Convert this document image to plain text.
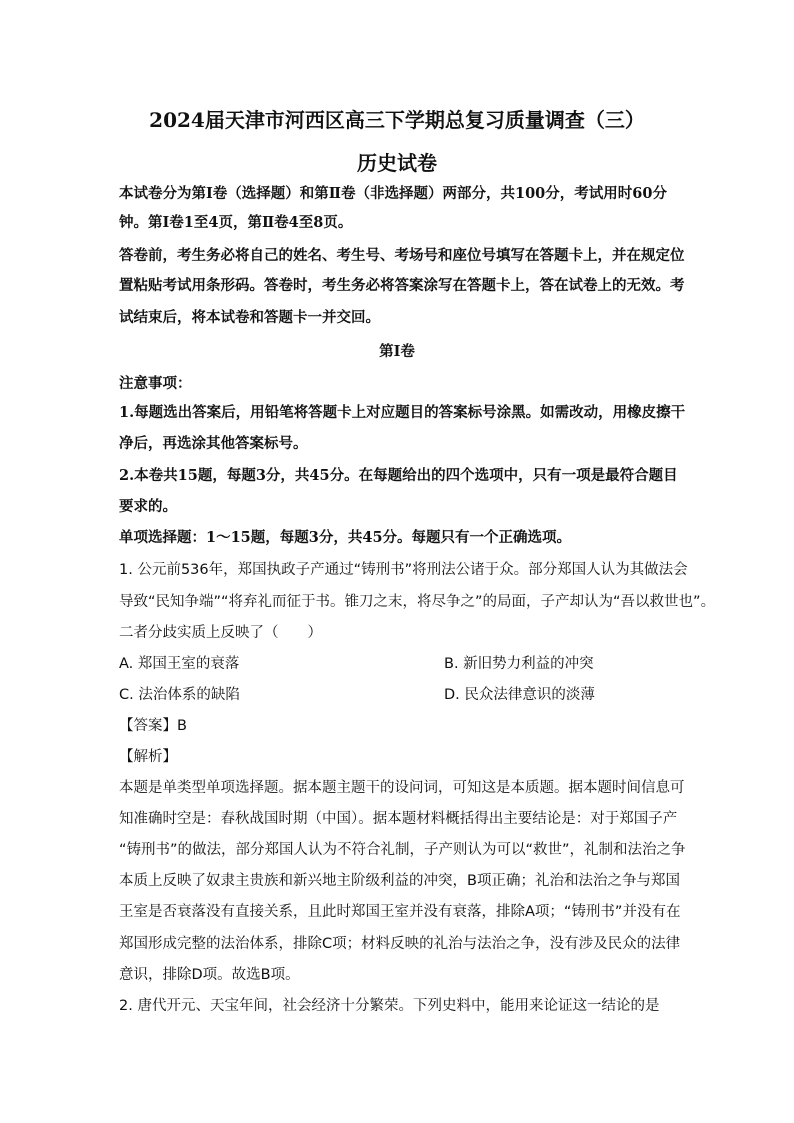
2024届天津市河西区高三下学期总复习质量调查（三）
历史试卷
本试卷分为第Ⅰ卷（选择题）和第Ⅱ卷（非选择题）两部分，共100分，考试用时60分
钟。第Ⅰ卷1至4页，第Ⅱ卷4至8页。
答卷前，考生务必将自己的姓名、考生号、考场号和座位号填写在答题卡上，并在规定位
置粘贴考试用条形码。答卷时，考生务必将答案涂写在答题卡上，答在试卷上的无效。考
试结束后，将本试卷和答题卡一并交回。
第Ⅰ卷
注意事项：
1.每题选出答案后，用铅笔将答题卡上对应题目的答案标号涂黑。如需改动，用橡皮擦干
净后，再选涂其他答案标号。
2.本卷共15题，每题3分，共45分。在每题给出的四个选项中，只有一项是最符合题目
要求的。
单项选择题：1～15题，每题3分，共45分。每题只有一个正确选项。
1. 公元前536年，郑国执政子产通过“铸刑书”将刑法公诸于众。部分郑国人认为其做法会
导致“民知争端”“将弃礼而征于书。锥刀之末，将尽争之”的局面，子产却认为“吾以救世也”。
二者分歧实质上反映了（　　）
A. 郑国王室的衰落	B. 新旧势力利益的冲突
C. 法治体系的缺陷	D. 民众法律意识的淡薄
【答案】B
【解析】
本题是单类型单项选择题。据本题主题干的设问词，可知这是本质题。据本题时间信息可
知准确时空是：春秋战国时期（中国）。据本题材料概括得出主要结论是：对于郑国子产
“铸刑书”的做法，部分郑国人认为不符合礼制，子产则认为可以“救世”，礼制和法治之争
本质上反映了奴隶主贵族和新兴地主阶级利益的冲突，B项正确；礼治和法治之争与郑国
王室是否衰落没有直接关系，且此时郑国王室并没有衰落，排除A项；“铸刑书”并没有在
郑国形成完整的法治体系，排除C项；材料反映的礼治与法治之争，没有涉及民众的法律
意识，排除D项。故选B项。
2. 唐代开元、天宝年间，社会经济十分繁荣。下列史料中，能用来论证这一结论的是
